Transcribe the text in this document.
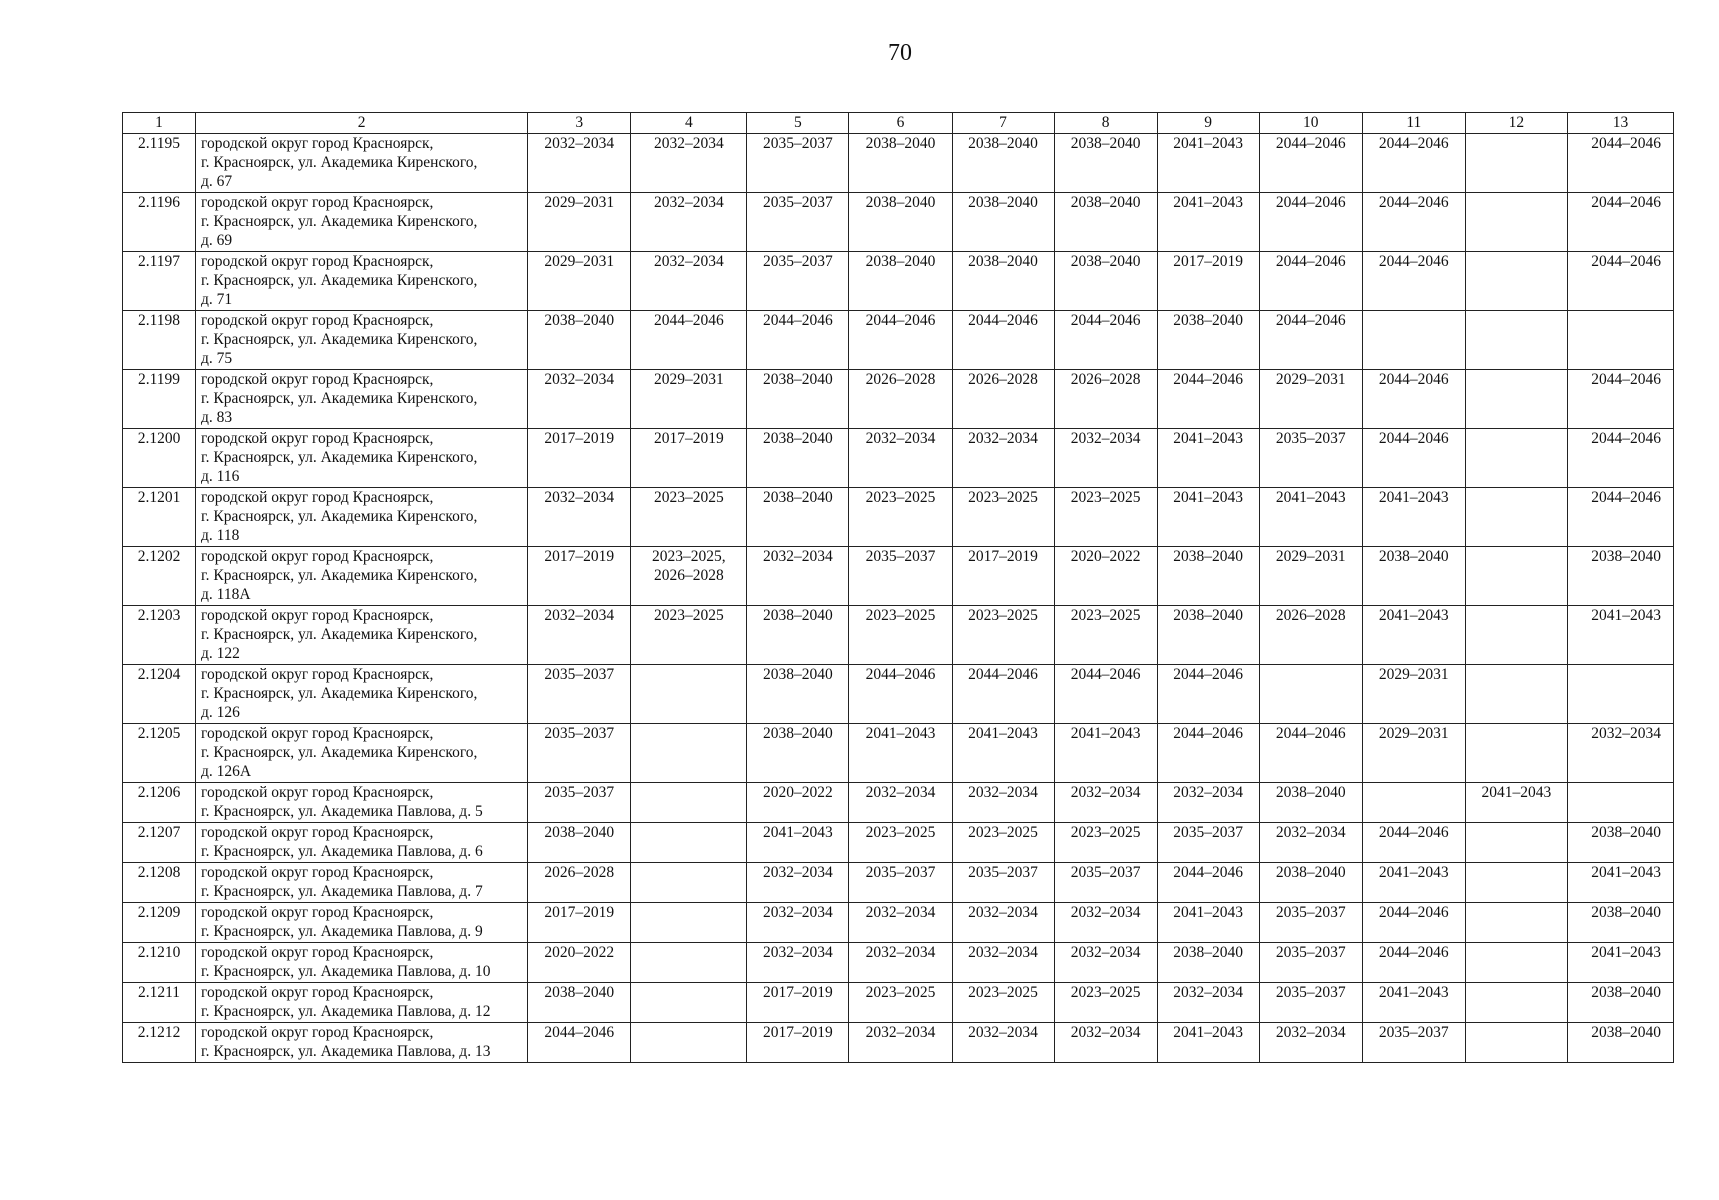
70
1	2	3	4	5	6	7	8	9	10	11	12	13
2.1195	городской округ город Красноярск,
г. Красноярск, ул. Академика Киренского,
д. 67	2032–2034	2032–2034	2035–2037	2038–2040	2038–2040	2038–2040	2041–2043	2044–2046	2044–2046		2044–2046
2.1196	городской округ город Красноярск,
г. Красноярск, ул. Академика Киренского,
д. 69	2029–2031	2032–2034	2035–2037	2038–2040	2038–2040	2038–2040	2041–2043	2044–2046	2044–2046		2044–2046
2.1197	городской округ город Красноярск,
г. Красноярск, ул. Академика Киренского,
д. 71	2029–2031	2032–2034	2035–2037	2038–2040	2038–2040	2038–2040	2017–2019	2044–2046	2044–2046		2044–2046
2.1198	городской округ город Красноярск,
г. Красноярск, ул. Академика Киренского,
д. 75	2038–2040	2044–2046	2044–2046	2044–2046	2044–2046	2044–2046	2038–2040	2044–2046			
2.1199	городской округ город Красноярск,
г. Красноярск, ул. Академика Киренского,
д. 83	2032–2034	2029–2031	2038–2040	2026–2028	2026–2028	2026–2028	2044–2046	2029–2031	2044–2046		2044–2046
2.1200	городской округ город Красноярск,
г. Красноярск, ул. Академика Киренского,
д. 116	2017–2019	2017–2019	2038–2040	2032–2034	2032–2034	2032–2034	2041–2043	2035–2037	2044–2046		2044–2046
2.1201	городской округ город Красноярск,
г. Красноярск, ул. Академика Киренского,
д. 118	2032–2034	2023–2025	2038–2040	2023–2025	2023–2025	2023–2025	2041–2043	2041–2043	2041–2043		2044–2046
2.1202	городской округ город Красноярск,
г. Красноярск, ул. Академика Киренского,
д. 118А	2017–2019	2023–2025,
2026–2028	2032–2034	2035–2037	2017–2019	2020–2022	2038–2040	2029–2031	2038–2040		2038–2040
2.1203	городской округ город Красноярск,
г. Красноярск, ул. Академика Киренского,
д. 122	2032–2034	2023–2025	2038–2040	2023–2025	2023–2025	2023–2025	2038–2040	2026–2028	2041–2043		2041–2043
2.1204	городской округ город Красноярск,
г. Красноярск, ул. Академика Киренского,
д. 126	2035–2037		2038–2040	2044–2046	2044–2046	2044–2046	2044–2046		2029–2031		
2.1205	городской округ город Красноярск,
г. Красноярск, ул. Академика Киренского,
д. 126А	2035–2037		2038–2040	2041–2043	2041–2043	2041–2043	2044–2046	2044–2046	2029–2031		2032–2034
2.1206	городской округ город Красноярск,
г. Красноярск, ул. Академика Павлова, д. 5	2035–2037		2020–2022	2032–2034	2032–2034	2032–2034	2032–2034	2038–2040		2041–2043	
2.1207	городской округ город Красноярск,
г. Красноярск, ул. Академика Павлова, д. 6	2038–2040		2041–2043	2023–2025	2023–2025	2023–2025	2035–2037	2032–2034	2044–2046		2038–2040
2.1208	городской округ город Красноярск,
г. Красноярск, ул. Академика Павлова, д. 7	2026–2028		2032–2034	2035–2037	2035–2037	2035–2037	2044–2046	2038–2040	2041–2043		2041–2043
2.1209	городской округ город Красноярск,
г. Красноярск, ул. Академика Павлова, д. 9	2017–2019		2032–2034	2032–2034	2032–2034	2032–2034	2041–2043	2035–2037	2044–2046		2038–2040
2.1210	городской округ город Красноярск,
г. Красноярск, ул. Академика Павлова, д. 10	2020–2022		2032–2034	2032–2034	2032–2034	2032–2034	2038–2040	2035–2037	2044–2046		2041–2043
2.1211	городской округ город Красноярск,
г. Красноярск, ул. Академика Павлова, д. 12	2038–2040		2017–2019	2023–2025	2023–2025	2023–2025	2032–2034	2035–2037	2041–2043		2038–2040
2.1212	городской округ город Красноярск,
г. Красноярск, ул. Академика Павлова, д. 13	2044–2046		2017–2019	2032–2034	2032–2034	2032–2034	2041–2043	2032–2034	2035–2037		2038–2040
